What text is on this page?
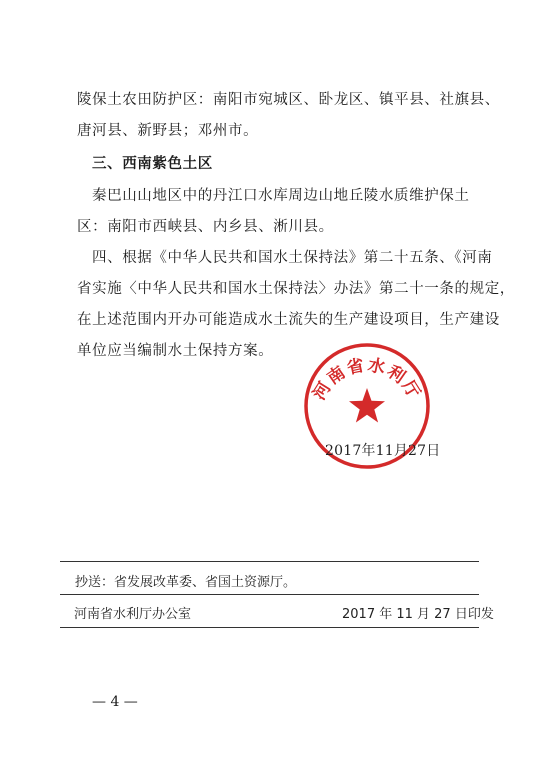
陵保土农田防护区：南阳市宛城区、卧龙区、镇平县、社旗县、
唐河县、新野县；邓州市。
三、西南紫色土区
秦巴山山地区中的丹江口水库周边山地丘陵水质维护保土
区：南阳市西峡县、内乡县、淅川县。
四、根据《中华人民共和国水土保持法》第二十五条、《河南
省实施〈中华人民共和国水土保持法〉办法》第二十一条的规定，
在上述范围内开办可能造成水土流失的生产建设项目，生产建设
单位应当编制水土保持方案。
河南省水利厅
2017年11月27日
抄送：省发展改革委、省国土资源厅。
河南省水利厅办公室	2017 年 11 月 27 日印发
— 4 —
